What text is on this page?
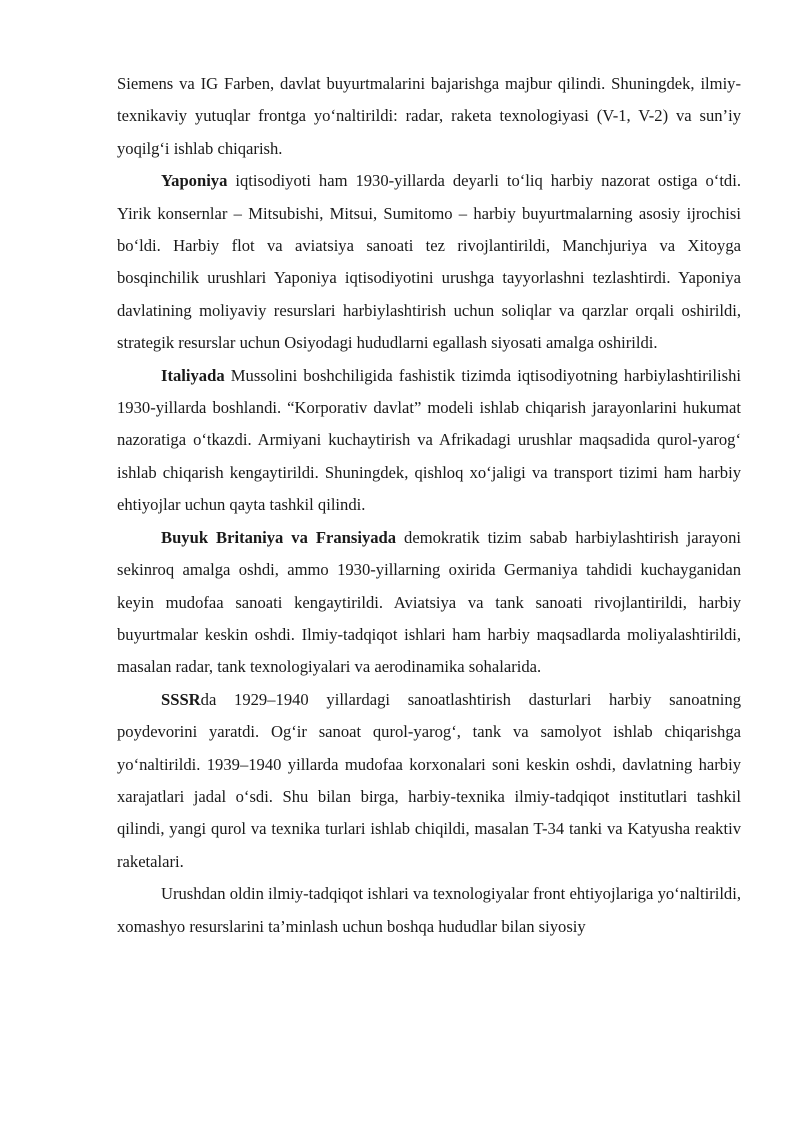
Siemens va IG Farben, davlat buyurtmalarini bajarishga majbur qilindi. Shuningdek, ilmiy-texnikaviy yutuqlar frontga yo‘naltirildi: radar, raketa texnologiyasi (V-1, V-2) va sun’iy yoqilg‘i ishlab chiqarish.

Yaponiya iqtisodiyoti ham 1930-yillarda deyarli to‘liq harbiy nazorat ostiga o‘tdi. Yirik konsernlar – Mitsubishi, Mitsui, Sumitomo – harbiy buyurtmalarning asosiy ijrochisi bo‘ldi. Harbiy flot va aviatsiya sanoati tez rivojlantirildi, Manchjuriya va Xitoyga bosqinchilik urushlari Yaponiya iqtisodiyotini urushga tayyorlashni tezlashtirdi. Yaponiya davlatining moliyaviy resurslari harbiylashtirish uchun soliqlar va qarzlar orqali oshirildi, strategik resurslar uchun Osiyodagi hududlarni egallash siyosati amalga oshirildi.

Italiyada Mussolini boshchiligida fashistik tizimda iqtisodiyotning harbiylashtirilishi 1930-yillarda boshlandi. “Korporativ davlat” modeli ishlab chiqarish jarayonlarini hukumat nazoratiga o‘tkazdi. Armiyani kuchaytirish va Afrikadagi urushlar maqsadida qurol-yarog‘ ishlab chiqarish kengaytirildi. Shuningdek, qishloq xo‘jaligi va transport tizimi ham harbiy ehtiyojlar uchun qayta tashkil qilindi.

Buyuk Britaniya va Fransiyada demokratik tizim sabab harbiylashtirish jarayoni sekinroq amalga oshdi, ammo 1930-yillarning oxirida Germaniya tahdidi kuchayganidan keyin mudofaa sanoati kengaytirildi. Aviatsiya va tank sanoati rivojlantirildi, harbiy buyurtmalar keskin oshdi. Ilmiy-tadqiqot ishlari ham harbiy maqsadlarda moliyalashtirildi, masalan radar, tank texnologiyalari va aerodinamika sohalarida.

SSSRda 1929–1940 yillardagi sanoatlashtirish dasturlari harbiy sanoatning poydevorini yaratdi. Og‘ir sanoat qurol-yarog‘, tank va samolyot ishlab chiqarishga yo‘naltirildi. 1939–1940 yillarda mudofaa korxonalari soni keskin oshdi, davlatning harbiy xarajatlari jadal o‘sdi. Shu bilan birga, harbiy-texnika ilmiy-tadqiqot institutlari tashkil qilindi, yangi qurol va texnika turlari ishlab chiqildi, masalan T-34 tanki va Katyusha reaktiv raketalari.

Urushdan oldin ilmiy-tadqiqot ishlari va texnologiyalar front ehtiyojlariga yo‘naltirildi, xomashyo resurslarini ta’minlash uchun boshqa hududlar bilan siyosiy
